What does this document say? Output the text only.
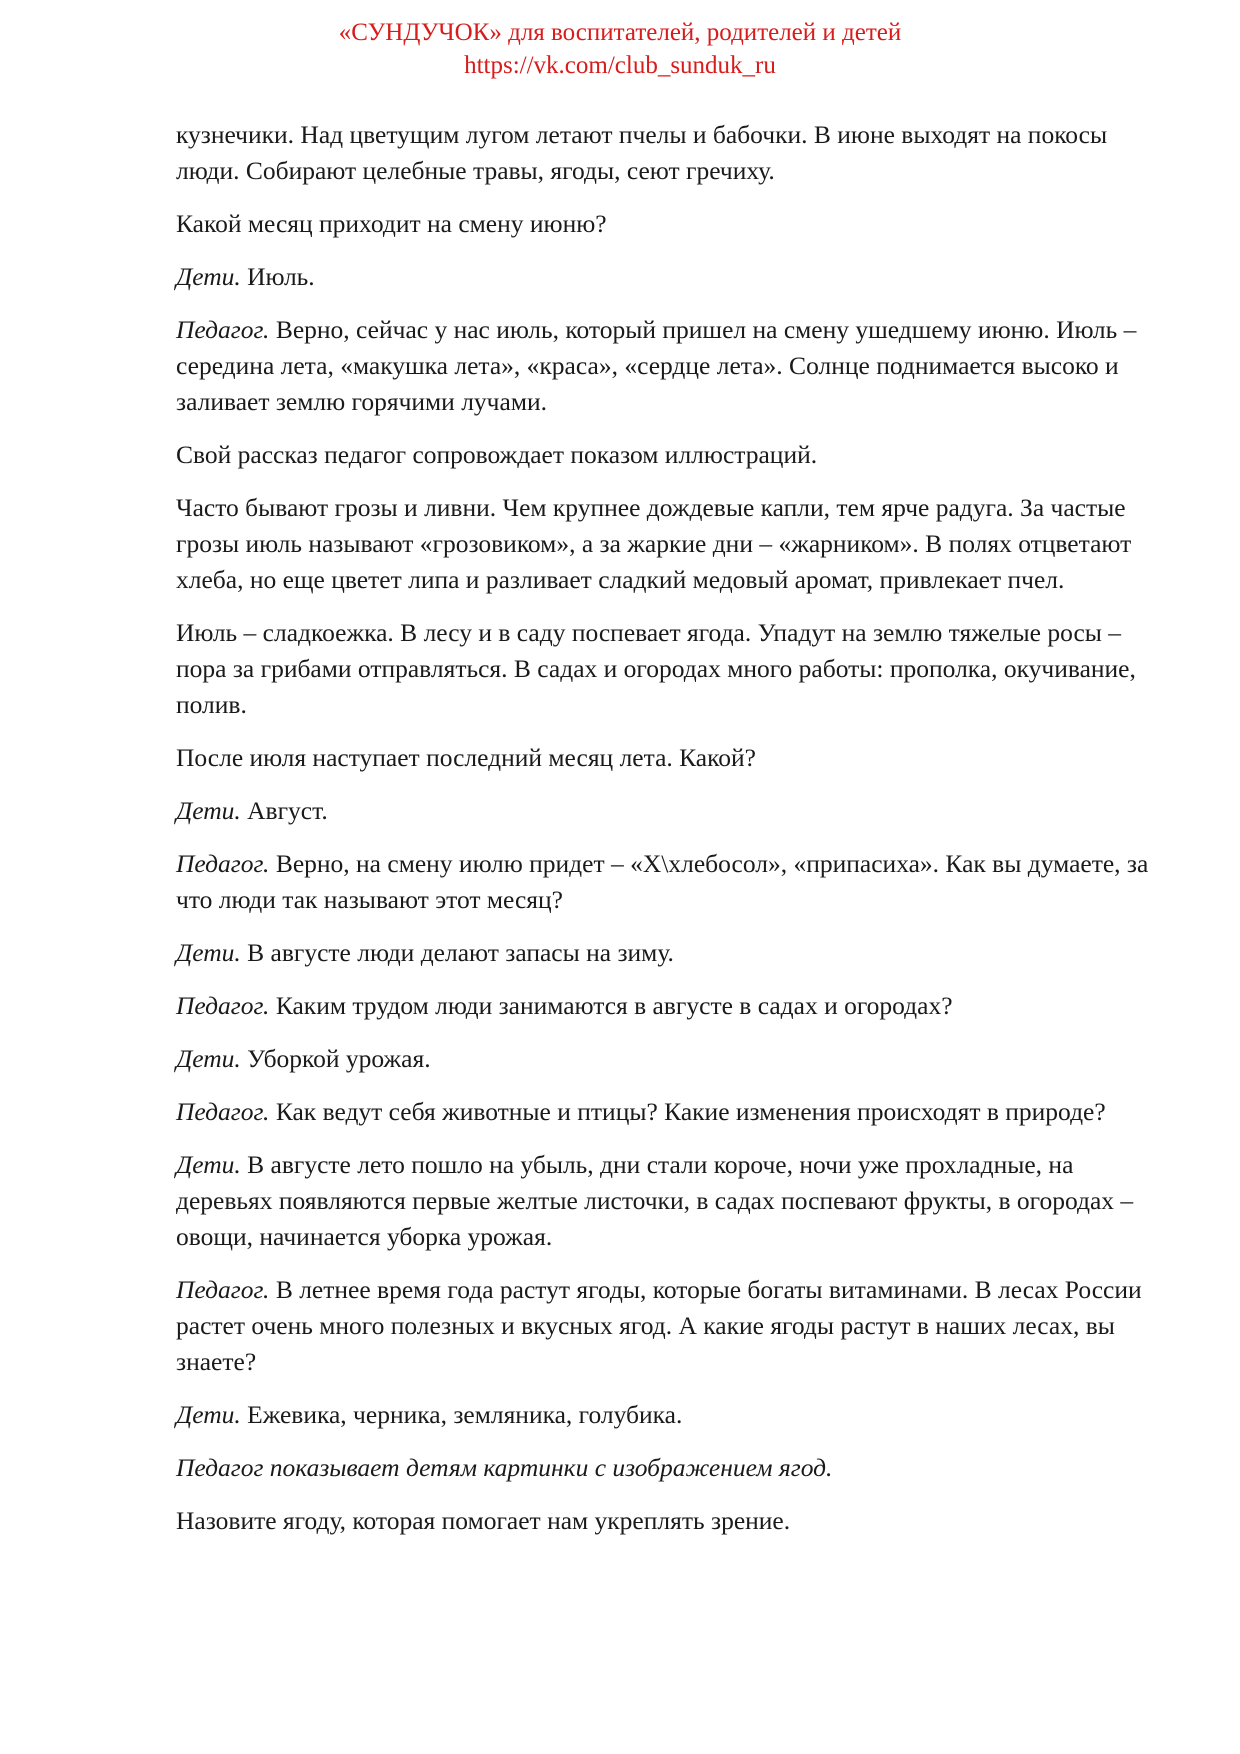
«СУНДУЧОК» для воспитателей, родителей и детей
https://vk.com/club_sunduk_ru

кузнечики. Над цветущим лугом летают пчелы и бабочки. В июне выходят на покосы люди. Собирают целебные травы, ягоды, сеют гречиху.

Какой месяц приходит на смену июню?

Дети. Июль.

Педагог. Верно, сейчас у нас июль, который пришел на смену ушедшему июню. Июль – середина лета, «макушка лета», «краса», «сердце лета». Солнце поднимается высоко и заливает землю горячими лучами.

Свой рассказ педагог сопровождает показом иллюстраций.

Часто бывают грозы и ливни. Чем крупнее дождевые капли, тем ярче радуга. За частые грозы июль называют «грозовиком», а за жаркие дни – «жарником». В полях отцветают хлеба, но еще цветет липа и разливает сладкий медовый аромат, привлекает пчел.

Июль – сладкоежка. В лесу и в саду поспевает ягода. Упадут на землю тяжелые росы – пора за грибами отправляться. В садах и огородах много работы: прополка, окучивание, полив.

После июля наступает последний месяц лета. Какой?

Дети. Август.

Педагог. Верно, на смену июлю придет – «Х\хлебосол», «припасиха». Как вы думаете, за что люди так называют этот месяц?

Дети. В августе люди делают запасы на зиму.

Педагог. Каким трудом люди занимаются в августе в садах и огородах?

Дети. Уборкой урожая.

Педагог. Как ведут себя животные и птицы? Какие изменения происходят в природе?

Дети. В августе лето пошло на убыль, дни стали короче, ночи уже прохладные, на деревьях появляются первые желтые листочки, в садах поспевают фрукты, в огородах – овощи, начинается уборка урожая.

Педагог. В летнее время года растут ягоды, которые богаты витаминами. В лесах России растет очень много полезных и вкусных ягод. А какие ягоды растут в наших лесах, вы знаете?

Дети. Ежевика, черника, земляника, голубика.

Педагог показывает детям картинки с изображением ягод.

Назовите ягоду, которая помогает нам укреплять зрение.
